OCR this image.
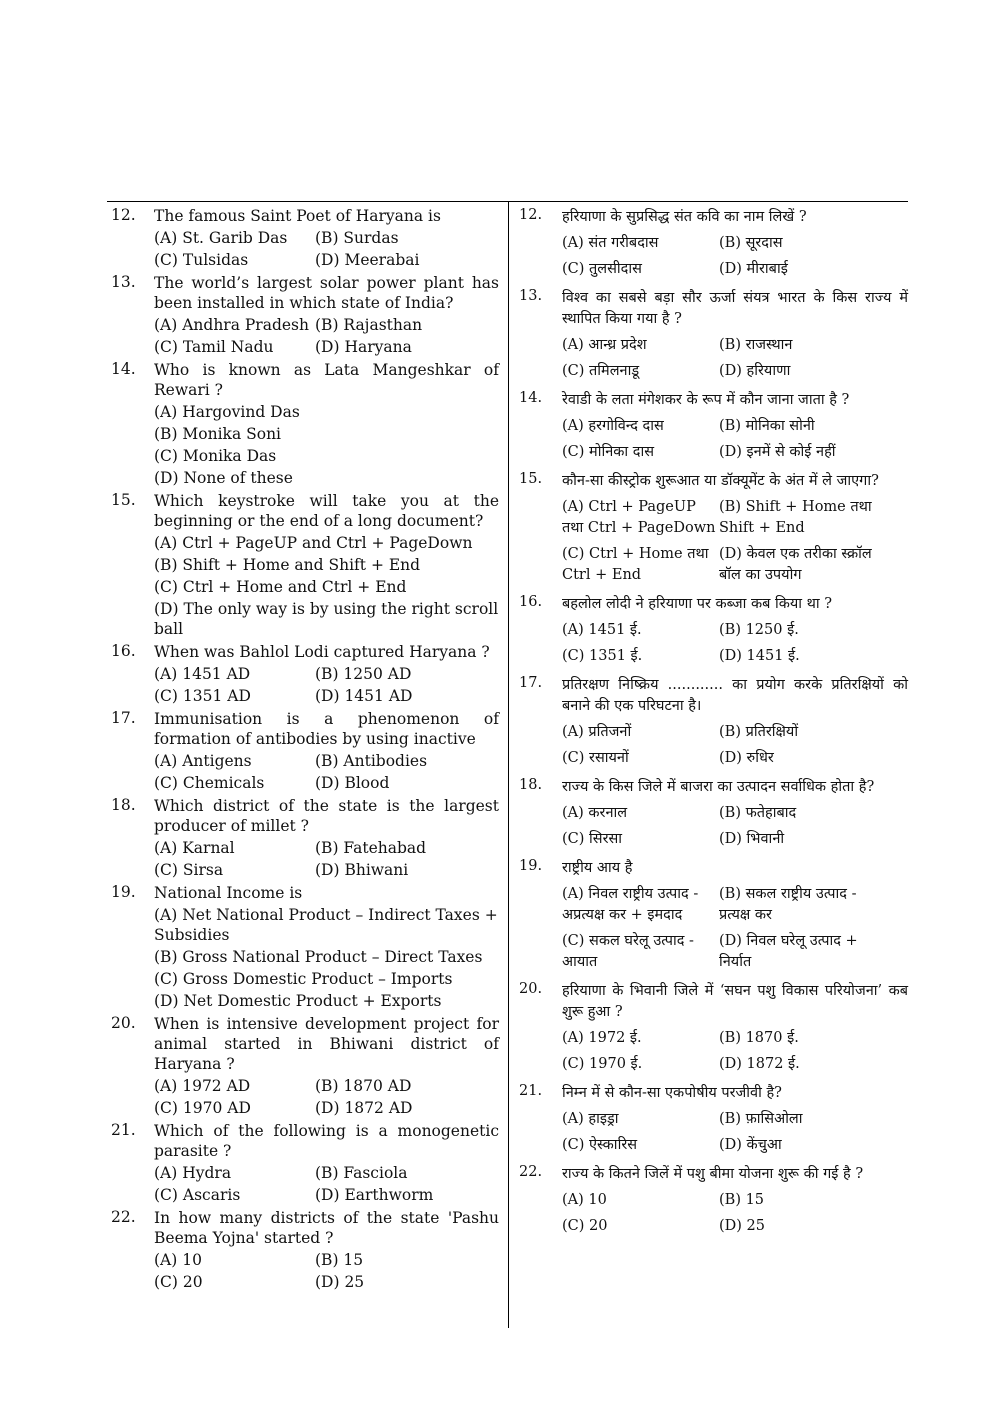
12. The famous Saint Poet of Haryana is
(A) St. Garib Das	(B) Surdas
(C) Tulsidas	(D) Meerabai
13. The world’s largest solar power plant has been installed in which state of India?
(A) Andhra Pradesh (B) Rajasthan
(C) Tamil Nadu	(D) Haryana
14. Who is known as Lata Mangeshkar of Rewari ?
(A) Hargovind Das
(B) Monika Soni
(C) Monika Das
(D) None of these
15. Which keystroke will take you at the beginning or the end of a long document?
(A) Ctrl + PageUP and Ctrl + PageDown
(B) Shift + Home and Shift + End
(C) Ctrl + Home and Ctrl + End
(D) The only way is by using the right scroll ball
16. When was Bahlol Lodi captured Haryana ?
(A) 1451 AD	(B) 1250 AD
(C) 1351 AD	(D) 1451 AD
17. Immunisation is a phenomenon of formation of antibodies by using inactive
(A) Antigens	(B) Antibodies
(C) Chemicals	(D) Blood
18. Which district of the state is the largest producer of millet ?
(A) Karnal	(B) Fatehabad
(C) Sirsa	(D) Bhiwani
19. National Income is
(A) Net National Product – Indirect Taxes + Subsidies
(B) Gross National Product – Direct Taxes
(C) Gross Domestic Product – Imports
(D) Net Domestic Product + Exports
20. When is intensive development project for animal started in Bhiwani district of Haryana ?
(A) 1972 AD	(B) 1870 AD
(C) 1970 AD	(D) 1872 AD
21. Which of the following is a monogenetic parasite ?
(A) Hydra	(B) Fasciola
(C) Ascaris	(D) Earthworm
22. In how many districts of the state 'Pashu Beema Yojna' started ?
(A) 10	(B) 15
(C) 20	(D) 25
12. हरियाणा के सुप्रसिद्ध संत कवि का नाम लिखें ?
(A) संत गरीबदास	(B) सूरदास
(C) तुलसीदास	(D) मीराबाई
13. विश्व का सबसे बड़ा सौर ऊर्जा संयत्र भारत के किस राज्य में स्थापित किया गया है ?
(A) आन्ध्र प्रदेश	(B) राजस्थान
(C) तमिलनाडू	(D) हरियाणा
14. रेवाडी के लता मंगेशकर के रूप में कौन जाना जाता है ?
(A) हरगोविन्द दास	(B) मोनिका सोनी
(C) मोनिका दास	(D) इनमें से कोई नहीं
15. कौन-सा कीस्ट्रोक शुरूआत या डॉक्यूमेंट के अंत में ले जाएगा?
(A) Ctrl + PageUP तथा Ctrl + PageDown
(B) Shift + Home तथा Shift + End
(C) Ctrl + Home तथा Ctrl + End
(D) केवल एक तरीका स्क्रॉल बॉल का उपयोग
16. बहलोल लोदी ने हरियाणा पर कब्जा कब किया था ?
(A) 1451 ई.	(B) 1250 ई.
(C) 1351 ई.	(D) 1451 ई.
17. प्रतिरक्षण निष्क्रिय ............ का प्रयोग करके प्रतिरक्षियों को बनाने की एक परिघटना है।
(A) प्रतिजनों	(B) प्रतिरक्षियों
(C) रसायनों	(D) रुधिर
18. राज्य के किस जिले में बाजरा का उत्पादन सर्वाधिक होता है?
(A) करनाल	(B) फतेहाबाद
(C) सिरसा	(D) भिवानी
19. राष्ट्रीय आय है
(A) निवल राष्ट्रीय उत्पाद - अप्रत्यक्ष कर + इमदाद
(B) सकल राष्ट्रीय उत्पाद - प्रत्यक्ष कर
(C) सकल घरेलू उत्पाद - आयात
(D) निवल घरेलू उत्पाद + निर्यात
20. हरियाणा के भिवानी जिले में ‘सघन पशु विकास परियोजना’ कब शुरू हुआ ?
(A) 1972 ई.	(B) 1870 ई.
(C) 1970 ई.	(D) 1872 ई.
21. निम्न में से कौन-सा एकपोषीय परजीवी है?
(A) हाइड्रा	(B) फ़ासिओला
(C) ऐस्कारिस	(D) केंचुआ
22. राज्य के कितने जिलें में पशु बीमा योजना शुरू की गई है ?
(A) 10	(B) 15
(C) 20	(D) 25
